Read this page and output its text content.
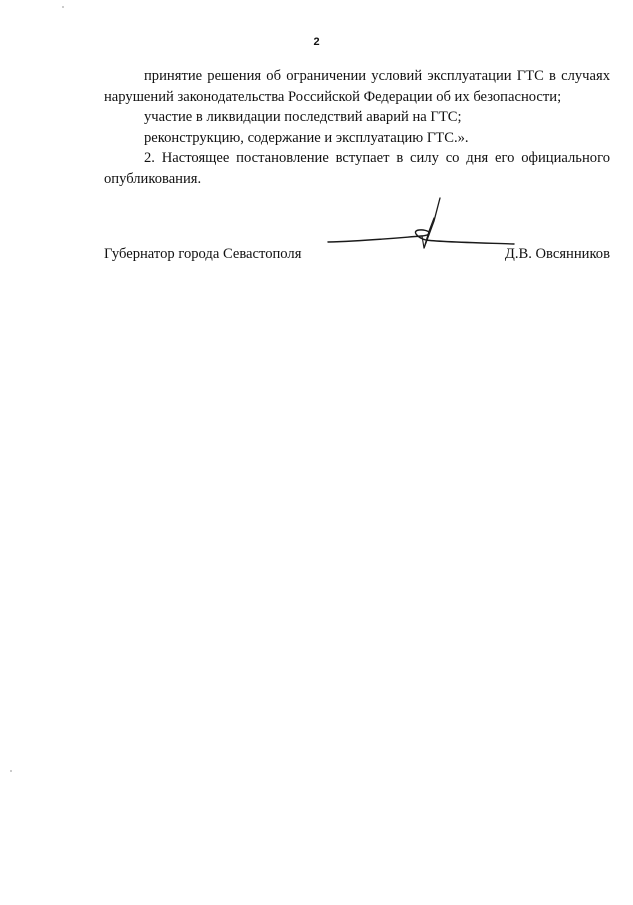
2

принятие решения об ограничении условий эксплуатации ГТС в случаях нарушений законодательства Российской Федерации об их безопасности;

участие в ликвидации последствий аварий на ГТС;

реконструкцию, содержание и эксплуатацию ГТС.».

2. Настоящее постановление вступает в силу со дня его официального опубликования.

Губернатор города Севастополя	Д.В. Овсянников
